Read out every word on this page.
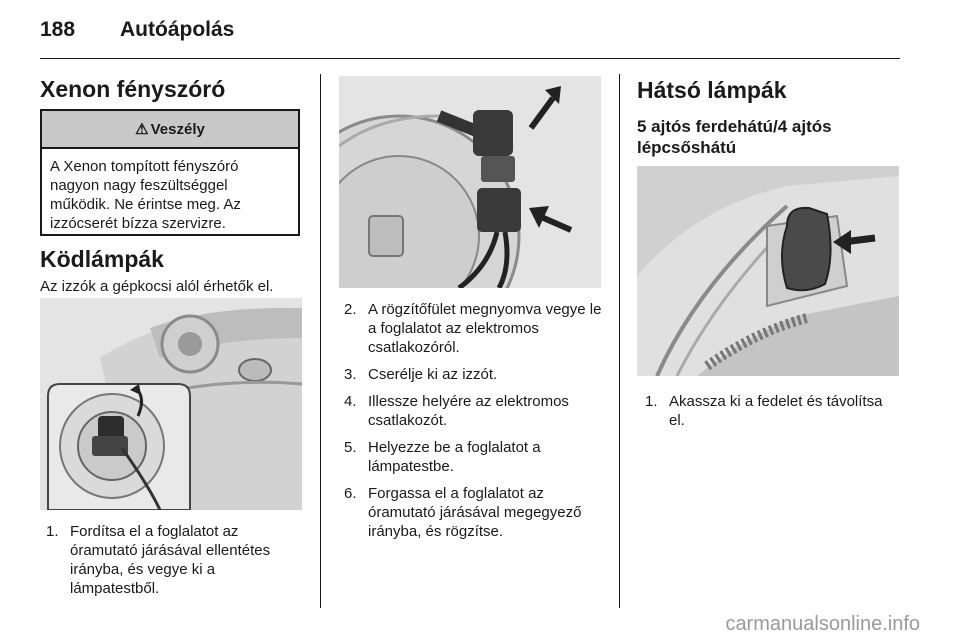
188 Autóápolás
Xenon fényszóró
⚠ Veszély
A Xenon tompított fényszóró nagyon nagy feszültséggel működik. Ne érintse meg. Az izzócserét bízza szervizre.
Ködlámpák
Az izzók a gépkocsi alól érhetők el.
1. Fordítsa el a foglalatot az óramutató járásával ellentétes irányba, és vegye ki a lámpatestből.
2. A rögzítőfület megnyomva vegye le a foglalatot az elektromos csatlakozóról.
3. Cserélje ki az izzót.
4. Illessze helyére az elektromos csatlakozót.
5. Helyezze be a foglalatot a lámpatestbe.
6. Forgassa el a foglalatot az óramutató járásával megegyező irányba, és rögzítse.
Hátsó lámpák
5 ajtós ferdehátú/4 ajtós lépcsőshátú
1. Akassza ki a fedelet és távolítsa el.
carmanualsonline.info
